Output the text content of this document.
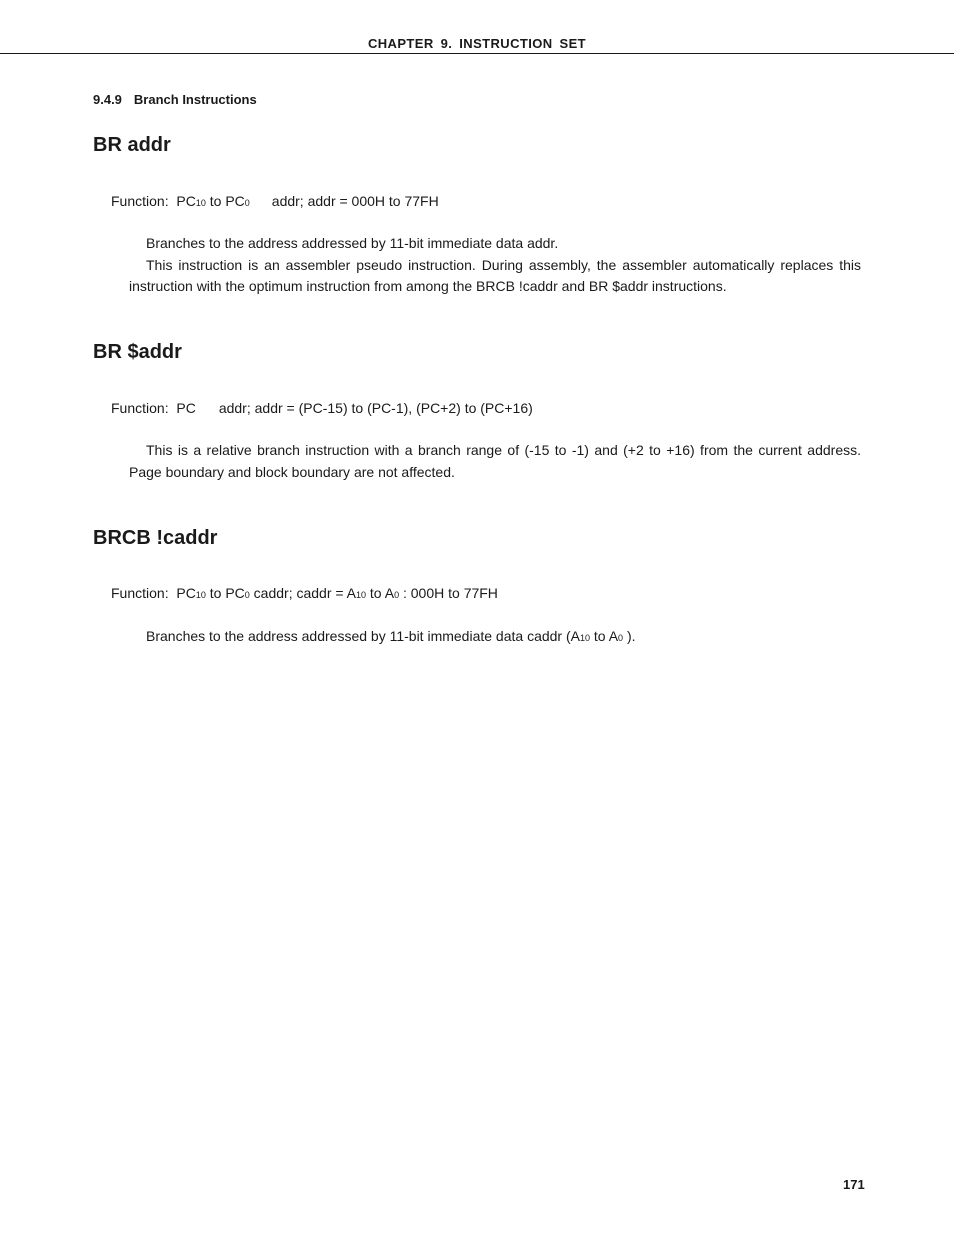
CHAPTER 9. INSTRUCTION SET
9.4.9 Branch Instructions
BR addr
Function: PC10 to PC0 addr; addr = 000H to 77FH

Branches to the address addressed by 11-bit immediate data addr.

This instruction is an assembler pseudo instruction. During assembly, the assembler automatically replaces this instruction with the optimum instruction from among the BRCB !caddr and BR $addr instructions.

BR $addr
Function: PC addr; addr = (PC-15) to (PC-1), (PC+2) to (PC+16)

This is a relative branch instruction with a branch range of (-15 to -1) and (+2 to +16) from the current address. Page boundary and block boundary are not affected.

BRCB !caddr
Function: PC10 to PC0 caddr; caddr = A10 to A0 : 000H to 77FH

Branches to the address addressed by 11-bit immediate data caddr (A10 to A0 ).

171
